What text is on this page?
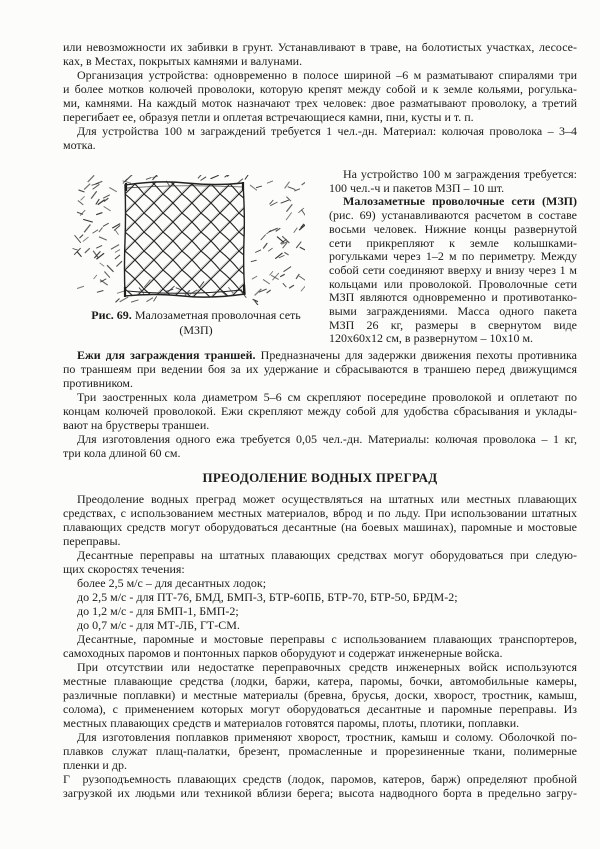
или невозможности их забивки в грунт. Устанавливают в траве, на болотистых участках, лесосе-
ках, в Местах, покрытых камнями и валунами.
Организация устройства: одновременно в полосе шириной –6 м разматывают спиралями три
и более мотков колючей проволоки, которую крепят между собой и к земле кольями, рогулька-
ми, камнями. На каждый моток назначают трех человек: двое разматывают проволоку, а третий
перегибает ее, образуя петли и оплетая встречающиеся камни, пни, кусты и т. п.
Для устройства 100 м заграждений требуется 1 чел.-дн. Материал: колючая проволока – 3–4
мотка.
Рис. 69. Малозаметная проволочная сеть
(МЗП)
На устройство 100 м заграждения требуется:
100 чел.-ч и пакетов МЗП – 10 шт.
Малозаметные проволочные сети (МЗП)
(рис. 69) устанавливаются расчетом в составе
восьми человек. Нижние концы развернутой
сети прикрепляют к земле колышками-
рогульками через 1–2 м по периметру. Между
собой сети соединяют вверху и внизу через 1 м
кольцами или проволокой. Проволочные сети
МЗП являются одновременно и противотанко-
выми заграждениями. Масса одного пакета
МЗП 26 кг, размеры в свернутом виде
120x60x12 см, в развернутом – 10x10 м.
Ежи для заграждения траншей. Предназначены для задержки движения пехоты противника
по траншеям при ведении боя за их удержание и сбрасываются в траншею перед движущимся
противником.
Три заостренных кола диаметром 5–6 см скрепляют посередине проволокой и оплетают по
концам колючей проволокой. Ежи скрепляют между собой для удобства сбрасывания и уклады-
вают на брустверы траншеи.
Для изготовления одного ежа требуется 0,05 чел.-дн. Материалы: колючая проволока – 1 кг,
три кола длиной 60 см.
ПРЕОДОЛЕНИЕ ВОДНЫХ ПРЕГРАД
Преодоление водных преград может осуществляться на штатных или местных плавающих
средствах, с использованием местных материалов, вброд и по льду. При использовании штатных
плавающих средств могут оборудоваться десантные (на боевых машинах), паромные и мостовые
переправы.
Десантные переправы на штатных плавающих средствах могут оборудоваться при следую-
щих скоростях течения:
более 2,5 м/с – для десантных лодок;
до 2,5 м/с - для ПТ-76, БМД, БМП-3, БТР-60ПБ, БТР-70, БТР-50, БРДМ-2;
до 1,2 м/с - для БМП-1, БМП-2;
до 0,7 м/с - для МТ-ЛБ, ГТ-СМ.
Десантные, паромные и мостовые переправы с использованием плавающих транспортеров,
самоходных паромов и понтонных парков оборудуют и содержат инженерные войска.
При отсутствии или недостатке переправочных средств инженерных войск используются
местные плавающие средства (лодки, баржи, катера, паромы, бочки, автомобильные камеры,
различные поплавки) и местные материалы (бревна, брусья, доски, хворост, тростник, камыш,
солома), с применением которых могут оборудоваться десантные и паромные переправы. Из
местных плавающих средств и материалов готовятся паромы, плоты, плотики, поплавки.
Для изготовления поплавков применяют хворост, тростник, камыш и солому. Оболочкой по-
плавков служат плащ-палатки, брезент, промасленные и прорезиненные ткани, полимерные
пленки и др.
Г  рузоподъемность плавающих средств (лодок, паромов, катеров, барж) определяют пробной
загрузкой их людьми или техникой вблизи берега; высота надводного борта в предельно загру-
